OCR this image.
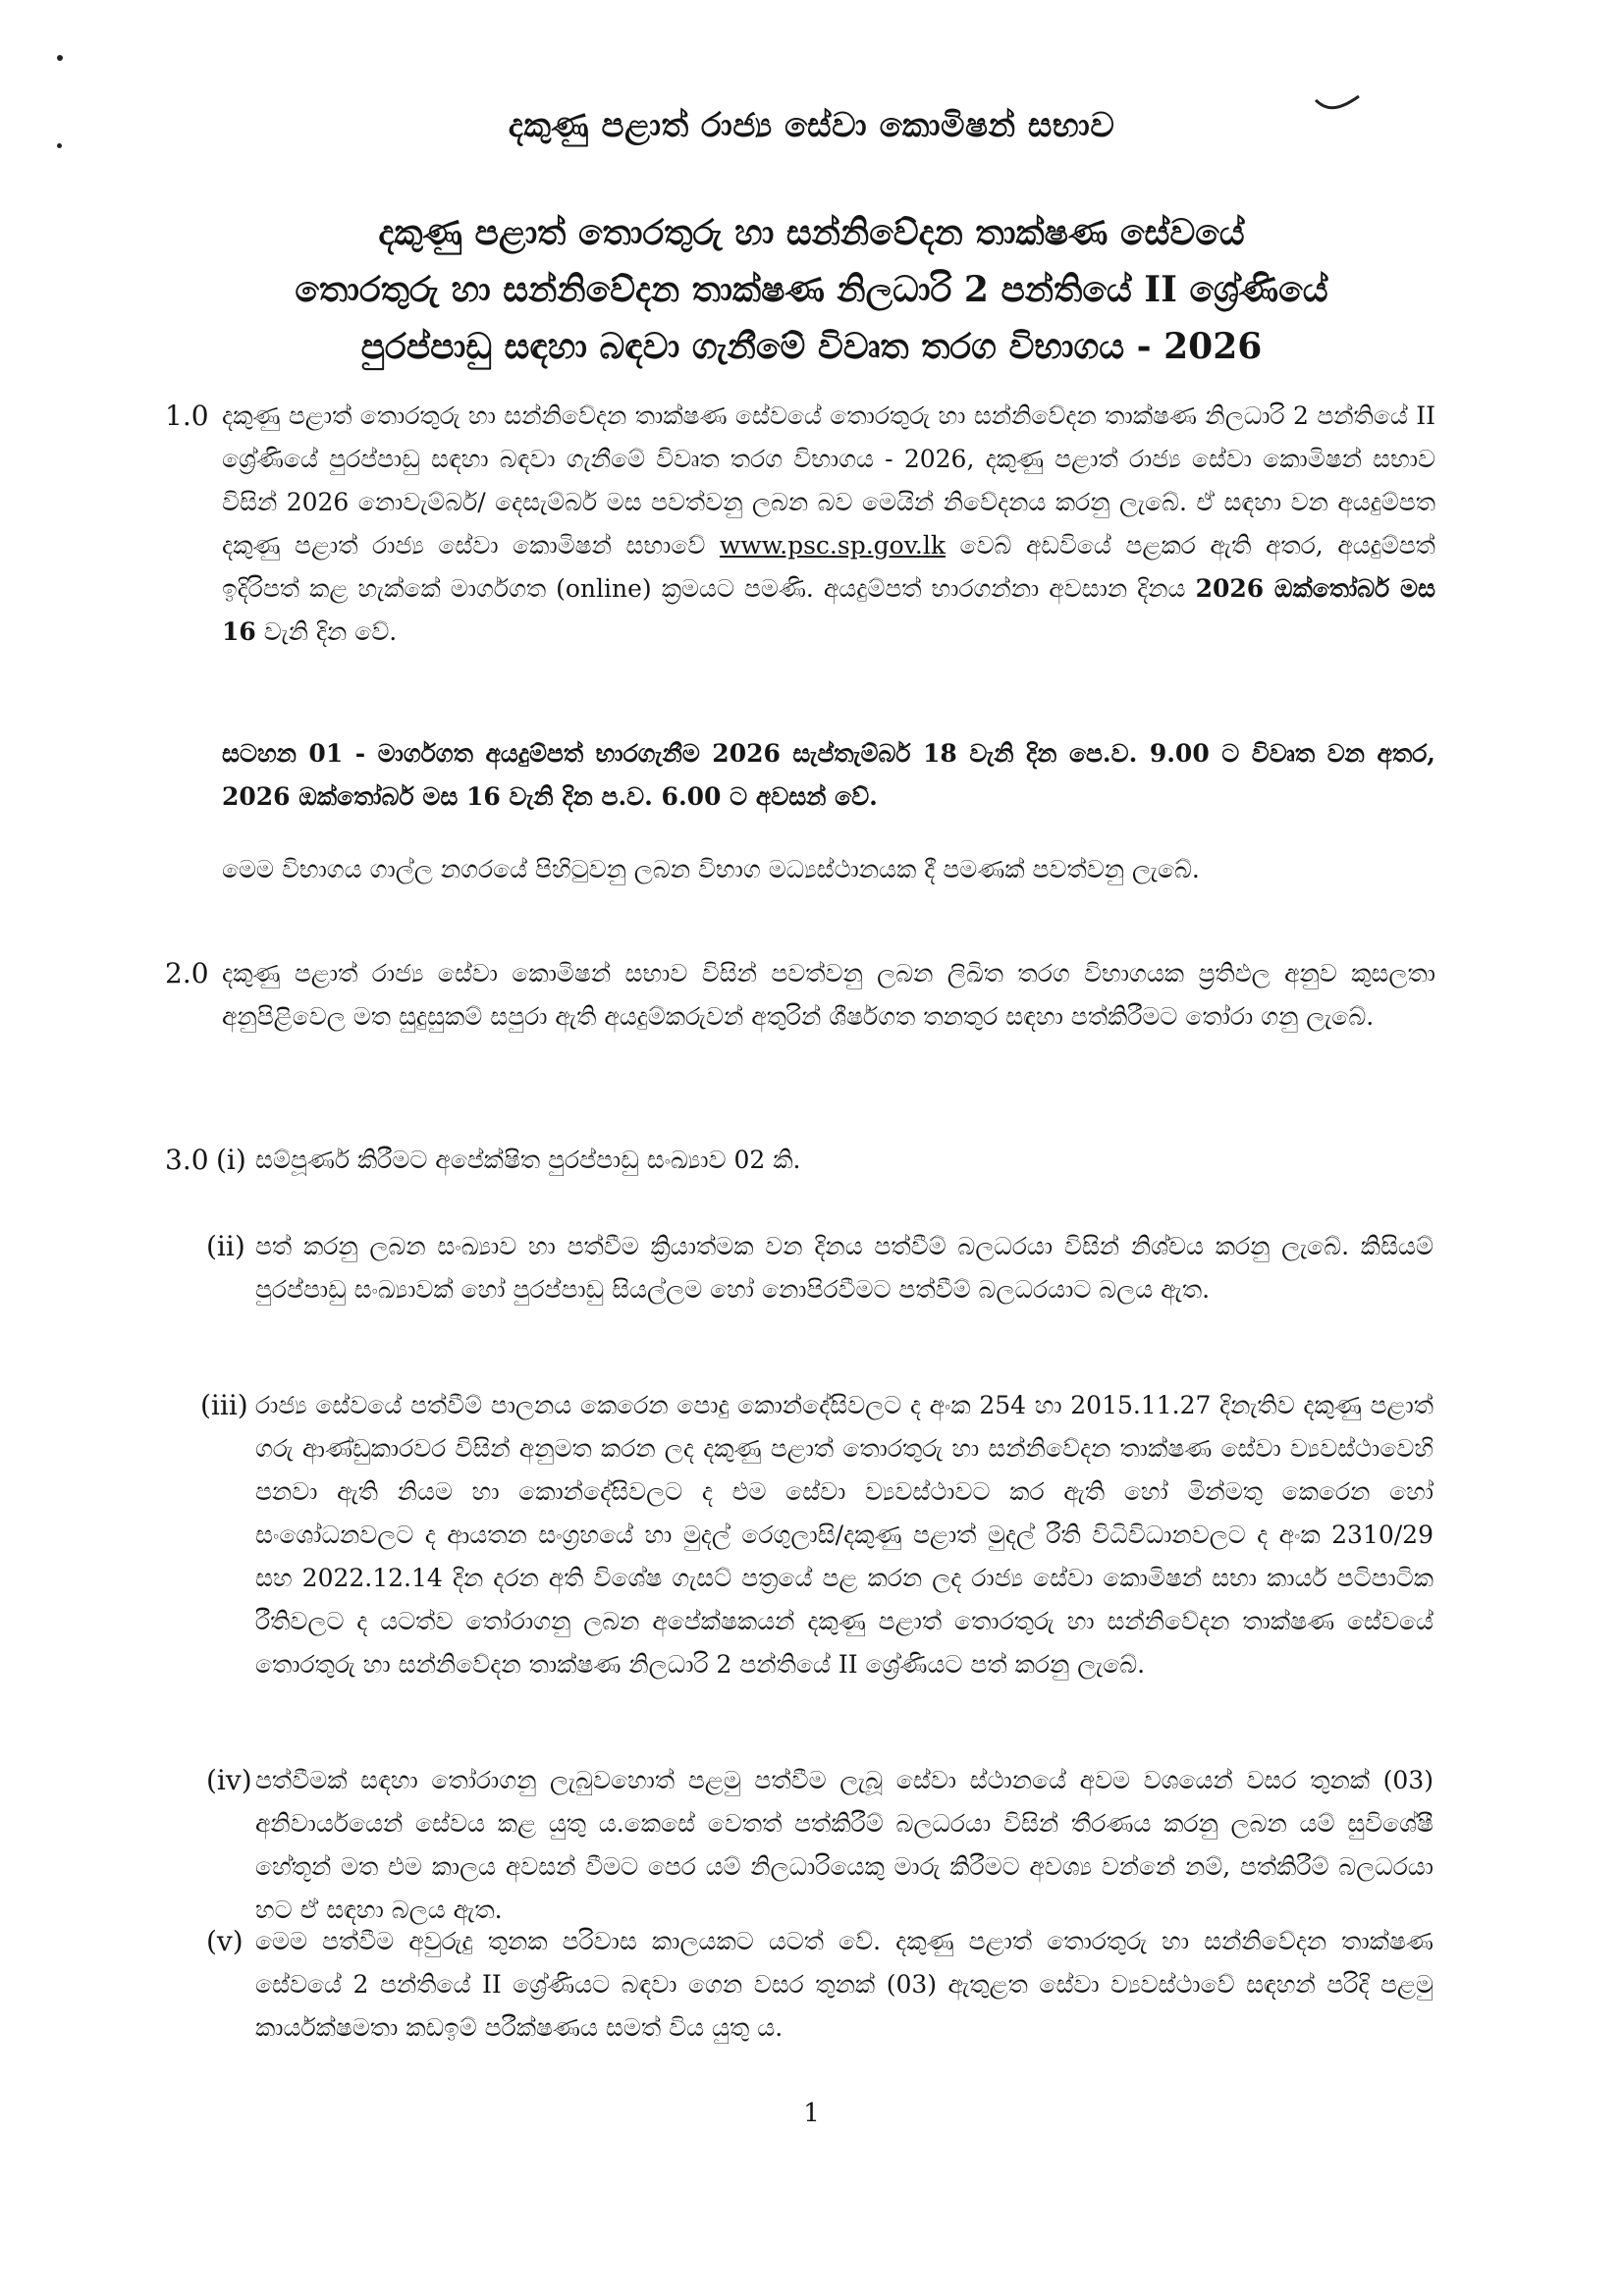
දකුණු පළාත් රාජ්‍ය සේවා කොමිෂන් සභාව
දකුණු පළාත් තොරතුරු හා සන්නිවේදන තාක්ෂණ සේවයේ
තොරතුරු හා සන්නිවේදන තාක්ෂණ නිලධාරි 2 පන්තියේ II ශ්‍රේණියේ
පුරප්පාඩු සඳහා බඳවා ගැනීමේ විවෘත තරග විභාගය - 2026
1.0 දකුණු පළාත් තොරතුරු හා සන්නිවේදන තාක්ෂණ සේවයේ තොරතුරු හා සන්නිවේදන තාක්ෂණ නිලධාරි 2 පන්තියේ II ශ්‍රේණියේ පුරප්පාඩු සඳහා බඳවා ගැනීමේ විවෘත තරග විභාගය - 2026, දකුණු පළාත් රාජ්‍ය සේවා කොමිෂන් සභාව විසින් 2026 නොවැම්බර්/ දෙසැම්බර් මස පවත්වනු ලබන බව මෙයින් නිවේදනය කරනු ලැබේ. ඒ සඳහා වන අයදුම්පත දකුණු පළාත් රාජ්‍ය සේවා කොමිෂන් සභාවේ www.psc.sp.gov.lk වෙබ් අඩවියේ පළකර ඇති අතර, අයදුම්පත් ඉදිරිපත් කළ හැක්කේ මාර්ගගත (online) ක්‍රමයට පමණි. අයදුම්පත් භාරගන්නා අවසාන දිනය 2026 ඔක්තෝබර් මස 16 වැනි දින වේ.
සටහන 01 - මාර්ගගත අයදුම්පත් භාරගැනීම 2026 සැප්තැම්බර් 18 වැනි දින පෙ.ව. 9.00 ට විවෘත වන අතර, 2026 ඔක්තෝබර් මස 16 වැනි දින ප.ව. 6.00 ට අවසන් වේ.
මෙම විභාගය ගාල්ල නගරයේ පිහිටුවනු ලබන විභාග මධ්‍යස්ථානයක දී පමණක් පවත්වනු ලැබේ.
2.0 දකුණු පළාත් රාජ්‍ය සේවා කොමිෂන් සභාව විසින් පවත්වනු ලබන ලිඛිත තරග විභාගයක ප්‍රතිඵල අනුව කුසලතා අනුපිළිවෙල මත සුදුසුකම් සපුරා ඇති අයදුම්කරුවන් අතුරින් ශීර්ෂගත තනතුර සඳහා පත්කිරීමට තෝරා ගනු ලැබේ.
3.0 (i) සම්පූර්ණ කිරීමට අපේක්ෂිත පුරප්පාඩු සංඛ්‍යාව 02 කි.
(ii) පත් කරනු ලබන සංඛ්‍යාව හා පත්වීම ක්‍රියාත්මක වන දිනය පත්වීම් බලධරයා විසින් නිශ්චය කරනු ලැබේ. කිසියම් පුරප්පාඩු සංඛ්‍යාවක් හෝ පුරප්පාඩු සියල්ලම හෝ නොපිරවීමට පත්වීම් බලධරයාට බලය ඇත.
(iii) රාජ්‍ය සේවයේ පත්වීම් පාලනය කෙරෙන පොදු කොන්දේසිවලට ද අංක 254 හා 2015.11.27 දිනැතිව දකුණු පළාත් ගරු ආණ්ඩුකාරවර විසින් අනුමත කරන ලද දකුණු පළාත් තොරතුරු හා සන්නිවේදන තාක්ෂණ සේවා ව්‍යවස්ථාවෙහි පනවා ඇති නියම හා කොන්දේසිවලට ද එම සේවා ව්‍යවස්ථාවට කර ඇති හෝ මින්මතු කෙරෙන හෝ සංශෝධනවලට ද ආයතන සංග්‍රහයේ හා මුදල් රෙගුලාසි/දකුණු පළාත් මුදල් රීති විධිවිධානවලට ද අංක 2310/29 සහ 2022.12.14 දින දරන අති විශේෂ ගැසට් පත්‍රයේ පළ කරන ලද රාජ්‍ය සේවා කොමිෂන් සභා කාර්ය පටිපාටික රීතිවලට ද යටත්ව තෝරාගනු ලබන අපේක්ෂකයන් දකුණු පළාත් තොරතුරු හා සන්නිවේදන තාක්ෂණ සේවයේ තොරතුරු හා සන්නිවේදන තාක්ෂණ නිලධාරි 2 පන්තියේ II ශ්‍රේණියට පත් කරනු ලැබේ.
(iv) පත්වීමක් සඳහා තෝරාගනු ලැබුවහොත් පළමු පත්වීම ලැබූ සේවා ස්ථානයේ අවම වශයෙන් වසර තුනක් (03) අනිවාර්යයෙන් සේවය කළ යුතු ය.කෙසේ වෙතත් පත්කිරීම් බලධරයා විසින් තීරණය කරනු ලබන යම් සුවිශේෂී හේතූන් මත එම කාලය අවසන් වීමට පෙර යම් නිලධාරියෙකු මාරු කිරීමට අවශ්‍ය වන්නේ නම්, පත්කිරීම් බලධරයා හට ඒ සඳහා බලය ඇත.
(v) මෙම පත්වීම අවුරුදු තුනක පරිවාස කාලයකට යටත් වේ. දකුණු පළාත් තොරතුරු හා සන්නිවේදන තාක්ෂණ සේවයේ 2 පන්තියේ II ශ්‍රේණියට බඳවා ගෙන වසර තුනක් (03) ඇතුළත සේවා ව්‍යවස්ථාවේ සඳහන් පරිදි පළමු කාර්යක්ෂමතා කඩඉම් පරීක්ෂණය සමත් විය යුතු ය.
1
